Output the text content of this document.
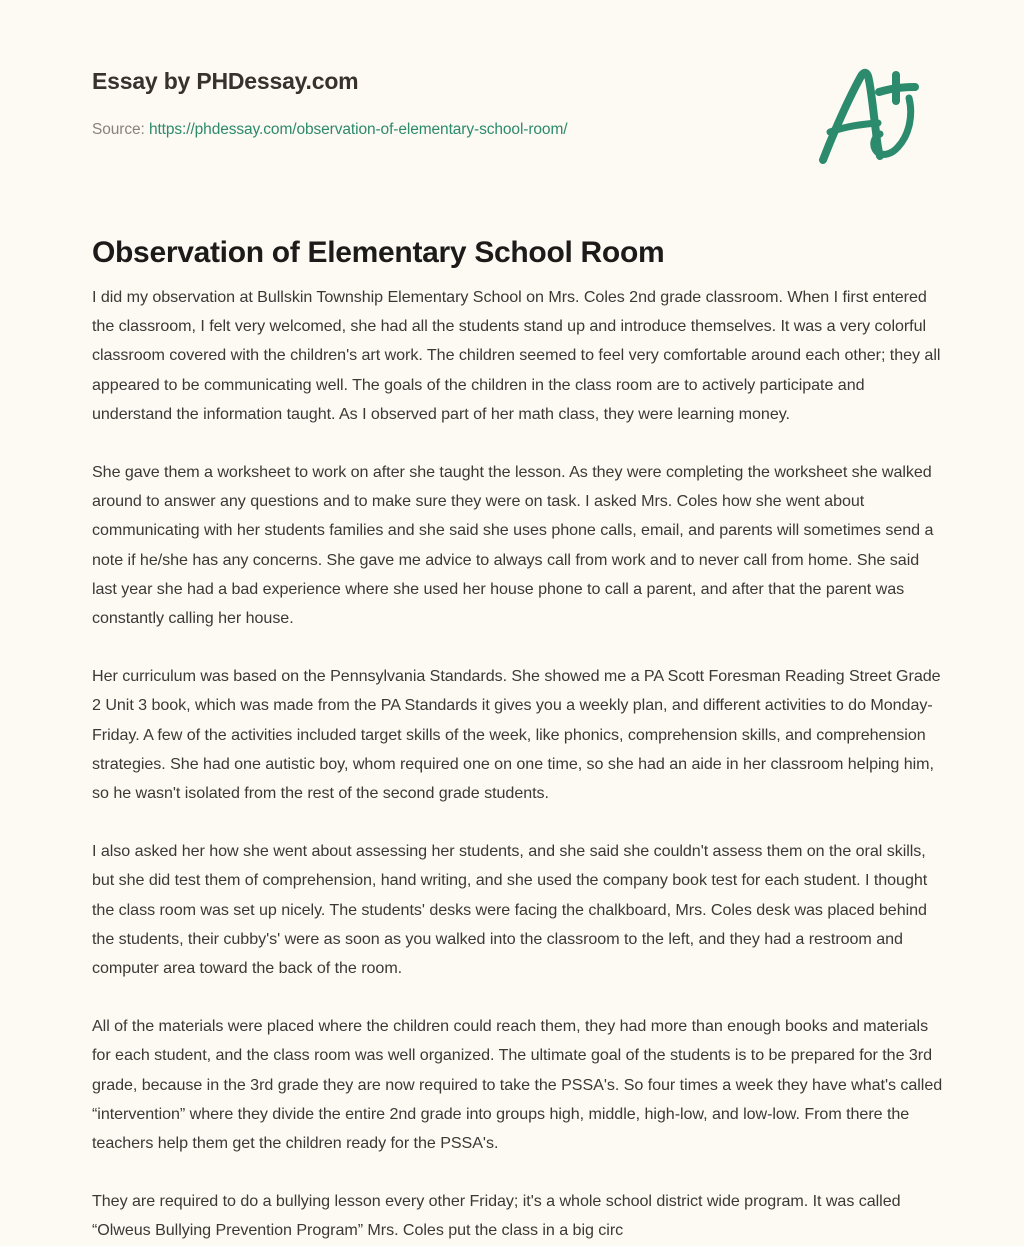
Essay by PHDessay.com
Source: https://phdessay.com/observation-of-elementary-school-room/
Observation of Elementary School Room

I did my observation at Bullskin Township Elementary School on Mrs. Coles 2nd grade classroom. When I first entered the classroom, I felt very welcomed, she had all the students stand up and introduce themselves. It was a very colorful classroom covered with the children's art work. The children seemed to feel very comfortable around each other; they all appeared to be communicating well. The goals of the children in the class room are to actively participate and understand the information taught. As I observed part of her math class, they were learning money.

She gave them a worksheet to work on after she taught the lesson. As they were completing the worksheet she walked around to answer any questions and to make sure they were on task. I asked Mrs. Coles how she went about communicating with her students families and she said she uses phone calls, email, and parents will sometimes send a note if he/she has any concerns. She gave me advice to always call from work and to never call from home. She said last year she had a bad experience where she used her house phone to call a parent, and after that the parent was constantly calling her house.

Her curriculum was based on the Pennsylvania Standards. She showed me a PA Scott Foresman Reading Street Grade 2 Unit 3 book, which was made from the PA Standards it gives you a weekly plan, and different activities to do Monday-Friday. A few of the activities included target skills of the week, like phonics, comprehension skills, and comprehension strategies. She had one autistic boy, whom required one on one time, so she had an aide in her classroom helping him, so he wasn't isolated from the rest of the second grade students.

I also asked her how she went about assessing her students, and she said she couldn't assess them on the oral skills, but she did test them of comprehension, hand writing, and she used the company book test for each student. I thought the class room was set up nicely. The students' desks were facing the chalkboard, Mrs. Coles desk was placed behind the students, their cubby's' were as soon as you walked into the classroom to the left, and they had a restroom and computer area toward the back of the room.

All of the materials were placed where the children could reach them, they had more than enough books and materials for each student, and the class room was well organized. The ultimate goal of the students is to be prepared for the 3rd grade, because in the 3rd grade they are now required to take the PSSA's. So four times a week they have what's called “intervention” where they divide the entire 2nd grade into groups high, middle, high-low, and low-low. From there the teachers help them get the children ready for the PSSA's.

They are required to do a bullying lesson every other Friday; it's a whole school district wide program. It was called “Olweus Bullying Prevention Program” Mrs. Coles put the class in a big circ
